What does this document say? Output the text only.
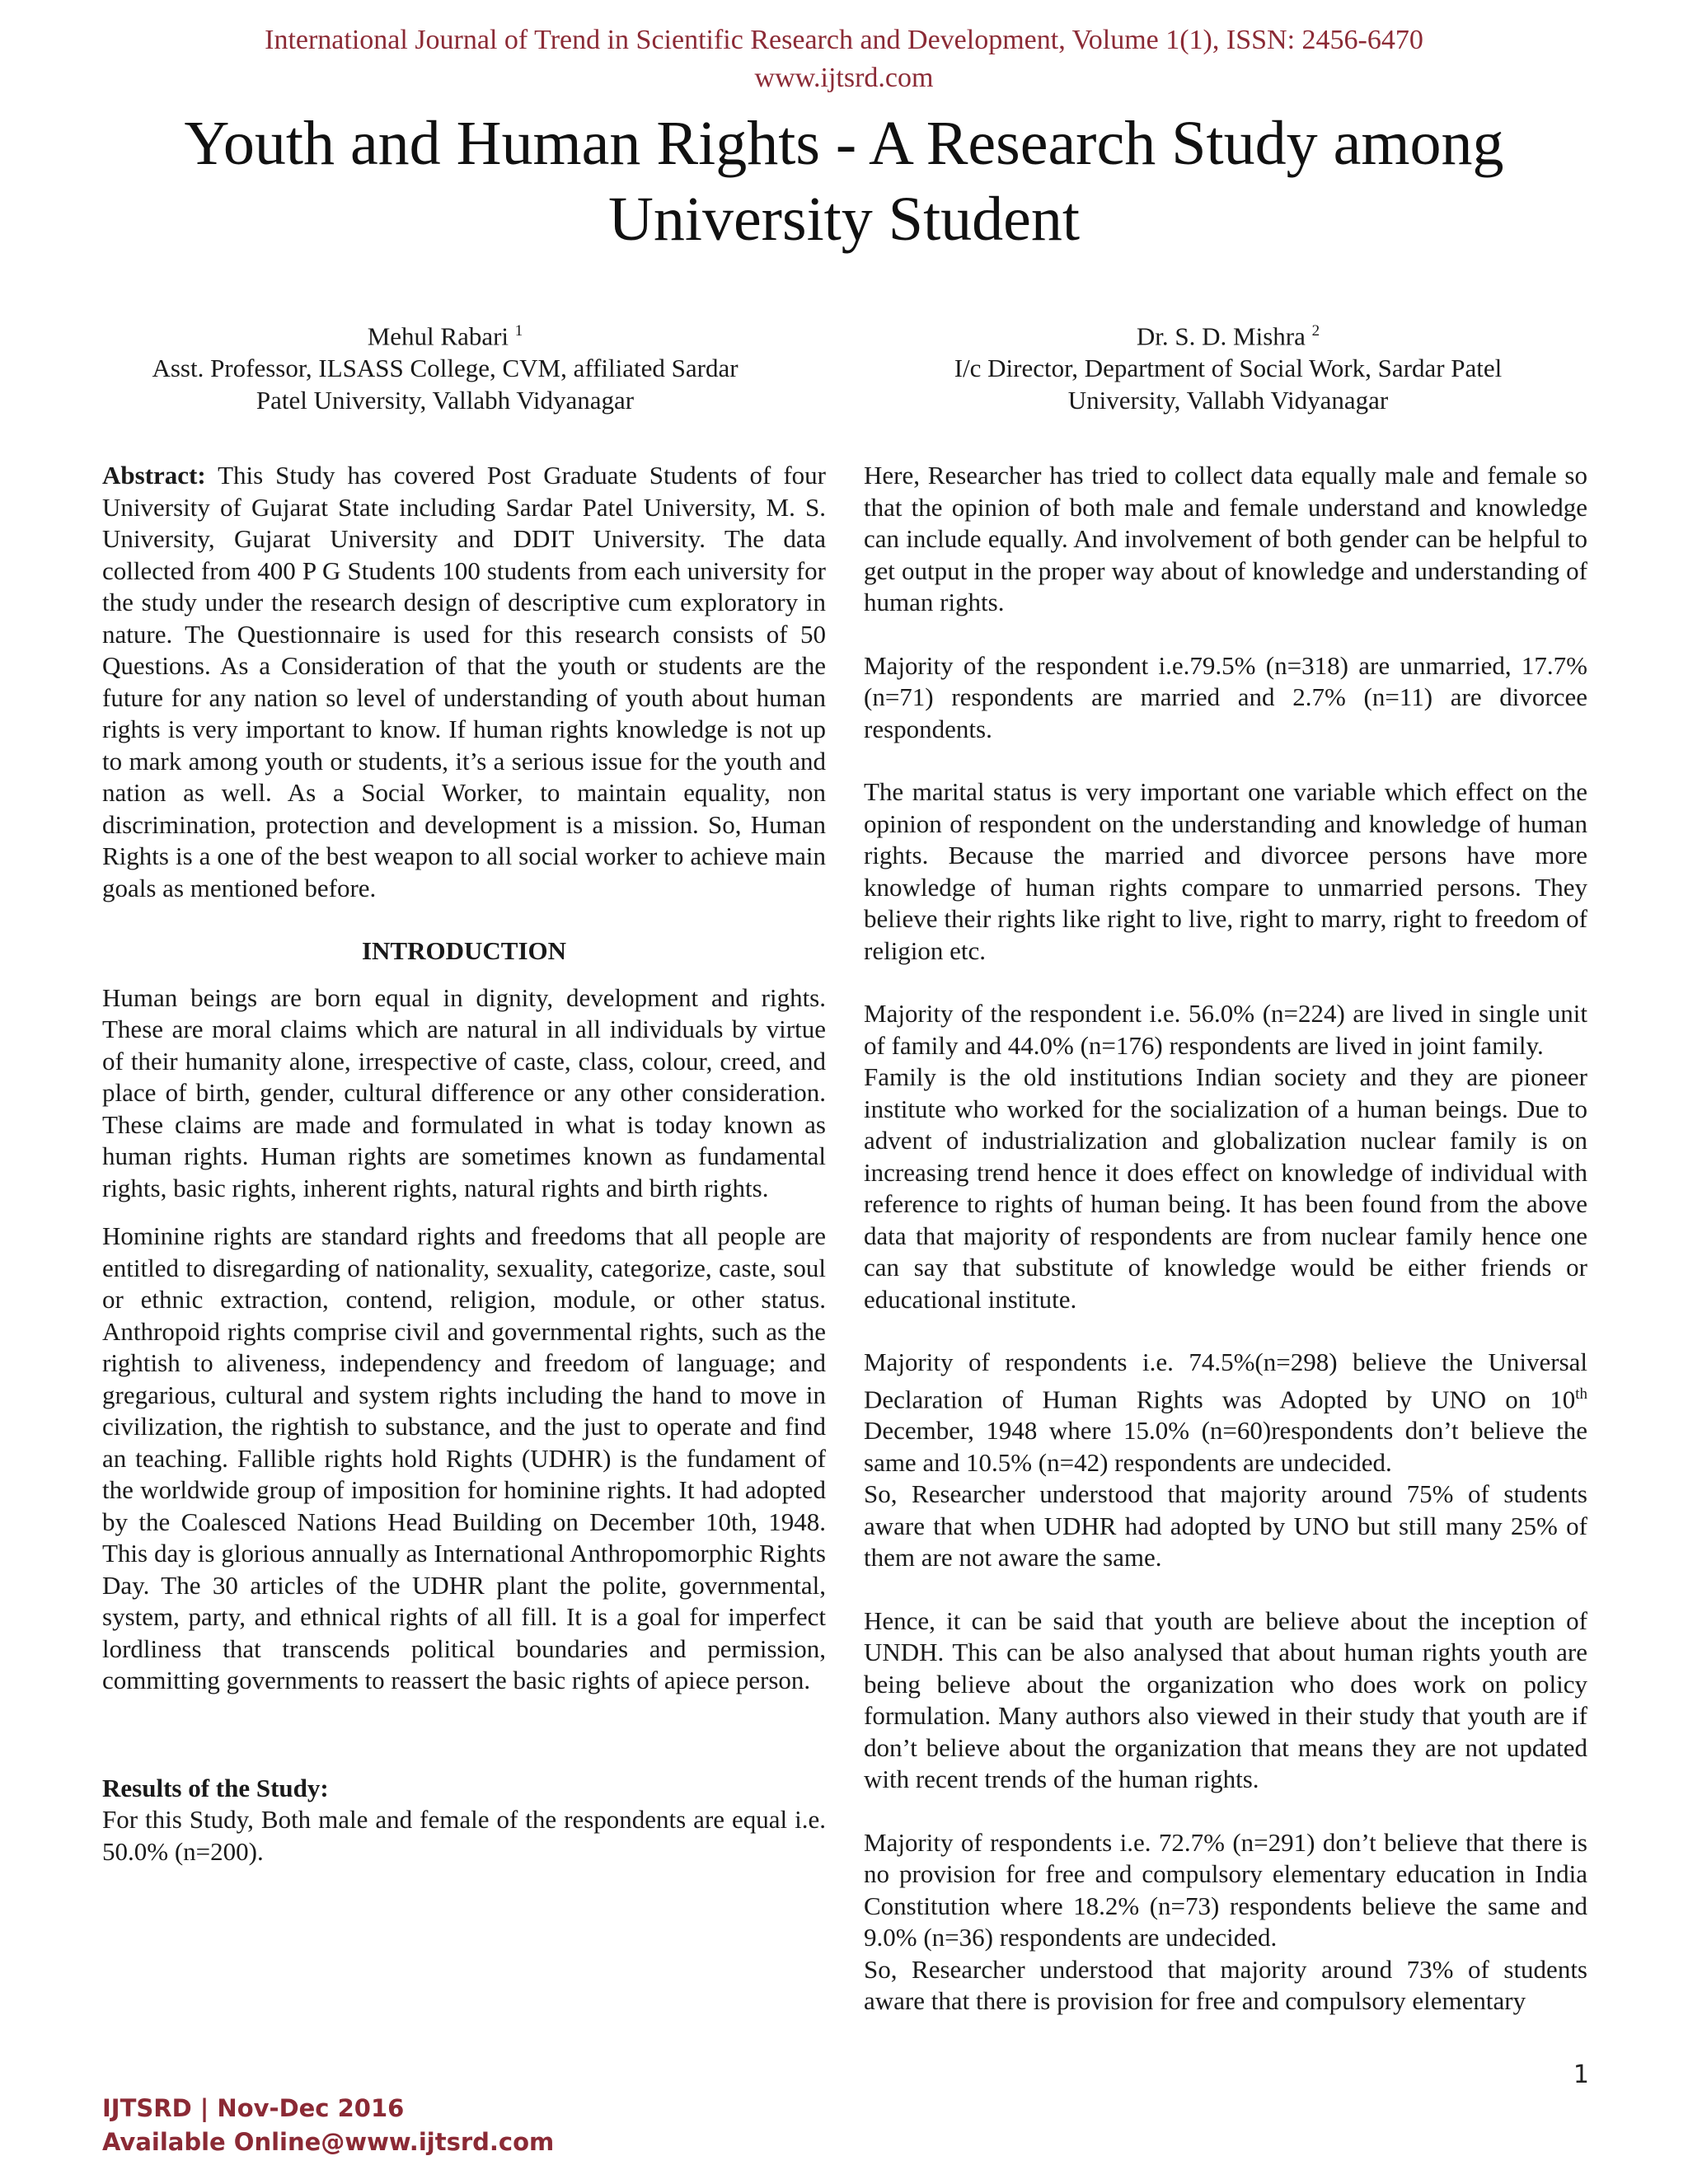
International Journal of Trend in Scientific Research and Development, Volume 1(1), ISSN: 2456-6470
www.ijtsrd.com
Youth and Human Rights - A Research Study among
University Student
Mehul Rabari $^1$
Asst. Professor, ILSASS College, CVM, affiliated Sardar
Patel University, Vallabh Vidyanagar
Dr. S. D. Mishra $^2$
I/c Director, Department of Social Work, Sardar Patel
University, Vallabh Vidyanagar

Abstract: This Study has covered Post Graduate Students of four University of Gujarat State including Sardar Patel University, M. S. University, Gujarat University and DDIT University. The data collected from 400 P G Students 100 students from each university for the study under the research design of descriptive cum exploratory in nature. The Questionnaire is used for this research consists of 50 Questions. As a Consideration of that the youth or students are the future for any nation so level of understanding of youth about human rights is very important to know. If human rights knowledge is not up to mark among youth or students, it’s a serious issue for the youth and nation as well. As a Social Worker, to maintain equality, non discrimination, protection and development is a mission. So, Human Rights is a one of the best weapon to all social worker to achieve main goals as mentioned before.

INTRODUCTION

Human beings are born equal in dignity, development and rights. These are moral claims which are natural in all individuals by virtue of their humanity alone, irrespective of caste, class, colour, creed, and place of birth, gender, cultural difference or any other consideration. These claims are made and formulated in what is today known as human rights. Human rights are sometimes known as fundamental rights, basic rights, inherent rights, natural rights and birth rights.

Hominine rights are standard rights and freedoms that all people are entitled to disregarding of nationality, sexuality, categorize, caste, soul or ethnic extraction, contend, religion, module, or other status. Anthropoid rights comprise civil and governmental rights, such as the rightish to aliveness, independency and freedom of language; and gregarious, cultural and system rights including the hand to move in civilization, the rightish to substance, and the just to operate and find an teaching. Fallible rights hold Rights (UDHR) is the fundament of the worldwide group of imposition for hominine rights. It had adopted by the Coalesced Nations Head Building on December 10th, 1948. This day is glorious annually as International Anthropomorphic Rights Day. The 30 articles of the UDHR plant the polite, governmental, system, party, and ethnical rights of all fill. It is a goal for imperfect lordliness that transcends political boundaries and permission, committing governments to reassert the basic rights of apiece person.

Results of the Study:

For this Study, Both male and female of the respondents are equal i.e. 50.0% (n=200).

Here, Researcher has tried to collect data equally male and female so that the opinion of both male and female understand and knowledge can include equally. And involvement of both gender can be helpful to get output in the proper way about of knowledge and understanding of human rights.

Majority of the respondent i.e.79.5% (n=318) are unmarried, 17.7% (n=71) respondents are married and 2.7% (n=11) are divorcee respondents.

The marital status is very important one variable which effect on the opinion of respondent on the understanding and knowledge of human rights. Because the married and divorcee persons have more knowledge of human rights compare to unmarried persons. They believe their rights like right to live, right to marry, right to freedom of religion etc.

Majority of the respondent i.e. 56.0% (n=224) are lived in single unit of family and 44.0% (n=176) respondents are lived in joint family.

Family is the old institutions Indian society and they are pioneer institute who worked for the socialization of a human beings. Due to advent of industrialization and globalization nuclear family is on increasing trend hence it does effect on knowledge of individual with reference to rights of human being. It has been found from the above data that majority of respondents are from nuclear family hence one can say that substitute of knowledge would be either friends or educational institute.

Majority of respondents i.e. 74.5%(n=298) believe the Universal Declaration of Human Rights was Adopted by UNO on 10th December, 1948 where 15.0% (n=60)respondents don’t believe the same and 10.5% (n=42) respondents are undecided.

So, Researcher understood that majority around 75% of students aware that when UDHR had adopted by UNO but still many 25% of them are not aware the same.

Hence, it can be said that youth are believe about the inception of UNDH. This can be also analysed that about human rights youth are being believe about the organization who does work on policy formulation. Many authors also viewed in their study that youth are if don’t believe about the organization that means they are not updated with recent trends of the human rights.

Majority of respondents i.e. 72.7% (n=291) don’t believe that there is no provision for free and compulsory elementary education in India Constitution where 18.2% (n=73) respondents believe the same and 9.0% (n=36) respondents are undecided.

So, Researcher understood that majority around 73% of students aware that there is provision for free and compulsory elementary

1
IJTSRD | Nov-Dec 2016
Available Online@www.ijtsrd.com
